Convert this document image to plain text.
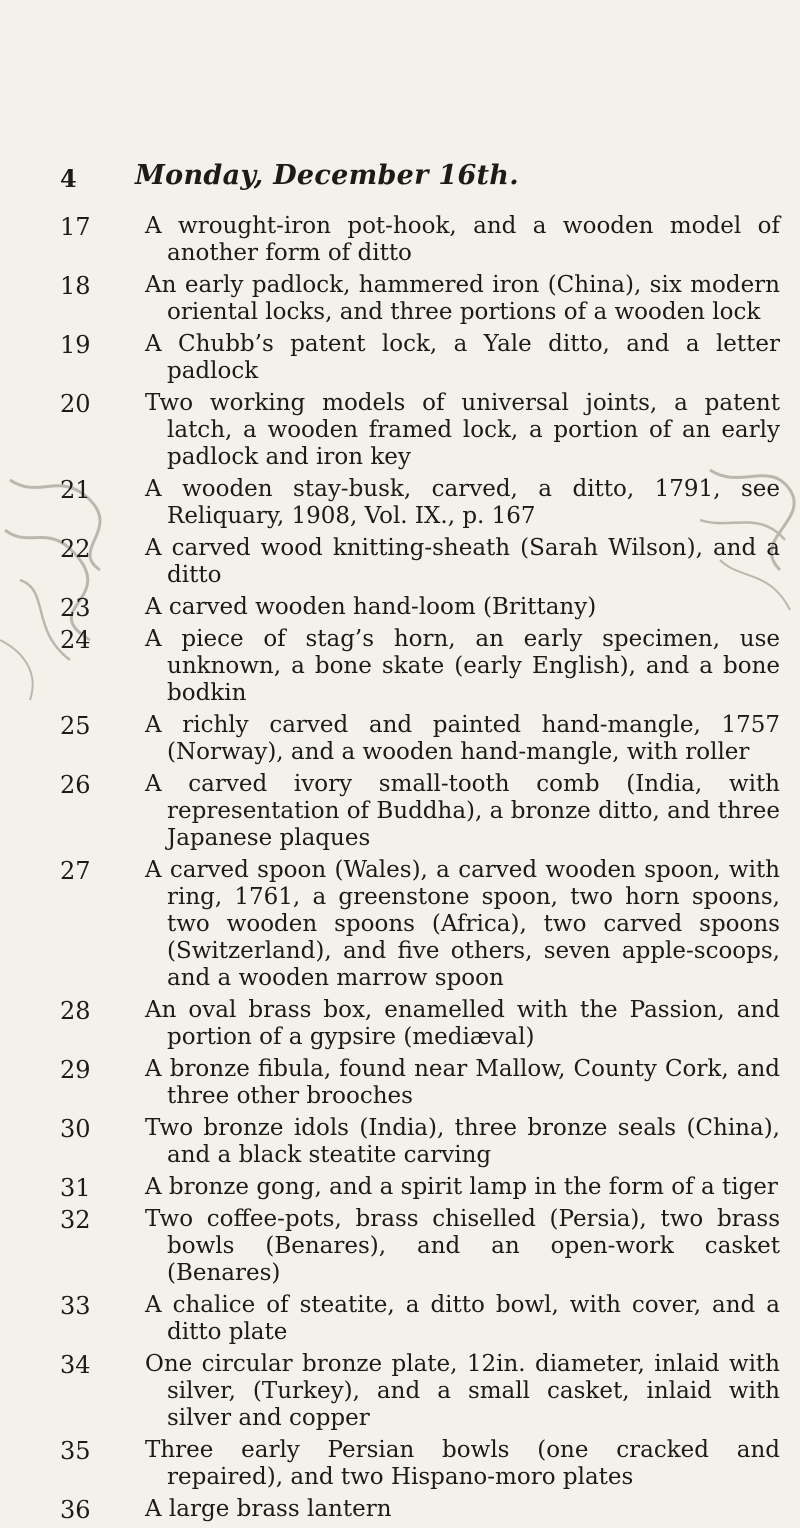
4 Monday, December 16th.
17	A wrought-iron pot-hook, and a wooden model of another form of ditto
18	An early padlock, hammered iron (China), six modern oriental locks, and three portions of a wooden lock
19	A Chubb’s patent lock, a Yale ditto, and a letter padlock
20	Two working models of universal joints, a patent latch, a wooden framed lock, a portion of an early padlock and iron key
21	A wooden stay-busk, carved, a ditto, 1791, see Reliquary, 1908, Vol. IX., p. 167
22	A carved wood knitting-sheath (Sarah Wilson), and a ditto
23	A carved wooden hand-loom (Brittany)
24	A piece of stag’s horn, an early specimen, use unknown, a bone skate (early English), and a bone bodkin
25	A richly carved and painted hand-mangle, 1757 (Norway), and a wooden hand-mangle, with roller
26	A carved ivory small-tooth comb (India, with representation of Buddha), a bronze ditto, and three Japanese plaques
27	A carved spoon (Wales), a carved wooden spoon, with ring, 1761, a greenstone spoon, two horn spoons, two wooden spoons (Africa), two carved spoons (Switzerland), and five others, seven apple-scoops, and a wooden marrow spoon
28	An oval brass box, enamelled with the Passion, and portion of a gypsire (mediæval)
29	A bronze fibula, found near Mallow, County Cork, and three other brooches
30	Two bronze idols (India), three bronze seals (China), and a black steatite carving
31	A bronze gong, and a spirit lamp in the form of a tiger
32	Two coffee-pots, brass chiselled (Persia), two brass bowls (Benares), and an open-work casket (Benares)
33	A chalice of steatite, a ditto bowl, with cover, and a ditto plate
34	One circular bronze plate, 12in. diameter, inlaid with silver, (Turkey), and a small casket, inlaid with silver and copper
35	Three early Persian bowls (one cracked and repaired), and two Hispano-moro plates
36	A large brass lantern
